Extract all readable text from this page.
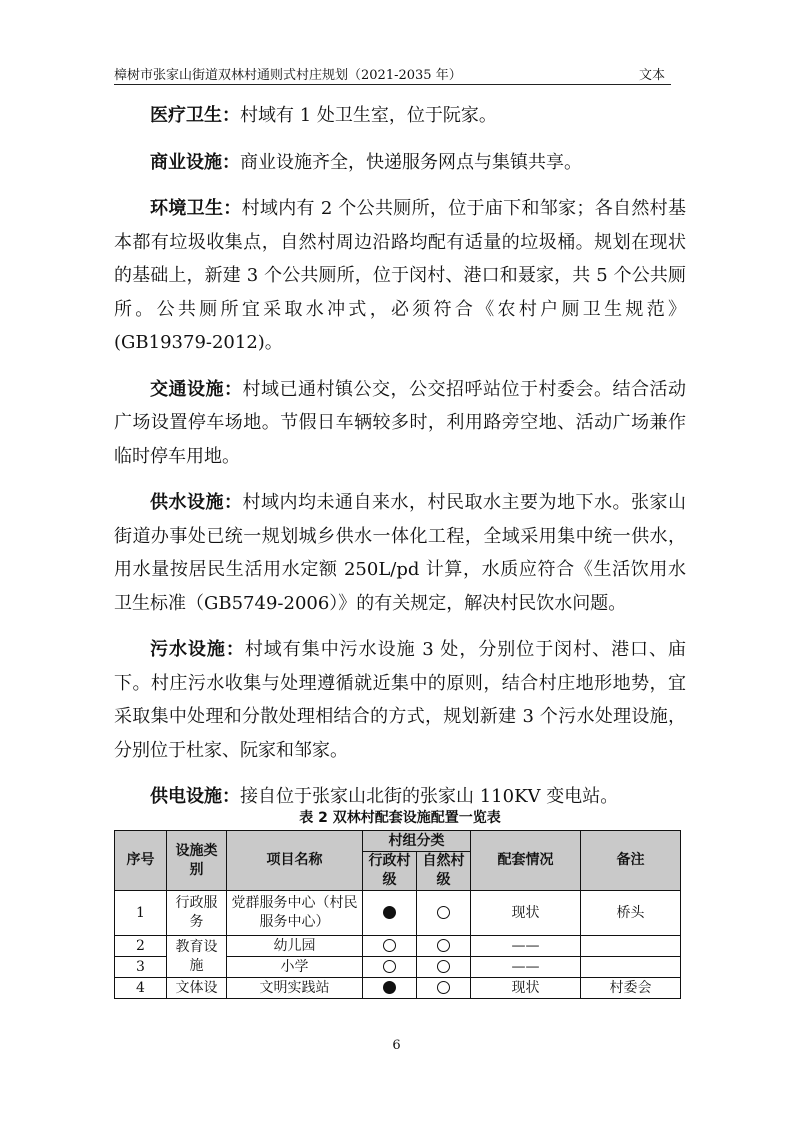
樟树市张家山街道双林村通则式村庄规划（2021-2035 年）	文本

医疗卫生：村域有 1 处卫生室，位于阮家。

商业设施：商业设施齐全，快递服务网点与集镇共享。

环境卫生：村域内有 2 个公共厕所，位于庙下和邹家；各自然村基本都有垃圾收集点，自然村周边沿路均配有适量的垃圾桶。规划在现状的基础上，新建 3 个公共厕所，位于闵村、港口和聂家，共 5 个公共厕所。公共厕所宜采取水冲式，必须符合《农村户厕卫生规范》(GB19379-2012)。

交通设施：村域已通村镇公交，公交招呼站位于村委会。结合活动广场设置停车场地。节假日车辆较多时，利用路旁空地、活动广场兼作临时停车用地。

供水设施：村域内均未通自来水，村民取水主要为地下水。张家山街道办事处已统一规划城乡供水一体化工程，全域采用集中统一供水，用水量按居民生活用水定额 250L/pd 计算，水质应符合《生活饮用水卫生标准（GB5749-2006）》的有关规定，解决村民饮水问题。

污水设施：村域有集中污水设施 3 处，分别位于闵村、港口、庙下。村庄污水收集与处理遵循就近集中的原则，结合村庄地形地势，宜采取集中处理和分散处理相结合的方式，规划新建 3 个污水处理设施，分别位于杜家、阮家和邹家。

供电设施：接自位于张家山北街的张家山 110KV 变电站。

表 2 双林村配套设施配置一览表
序号	设施类别	项目名称	村组分类		配套情况	备注
			行政村级	自然村级		
1	行政服务	党群服务中心（村民服务中心）			现状	桥头
2	教育设施	幼儿园			——	
3		小学			——	
4	文体设	文明实践站			现状	村委会
6
